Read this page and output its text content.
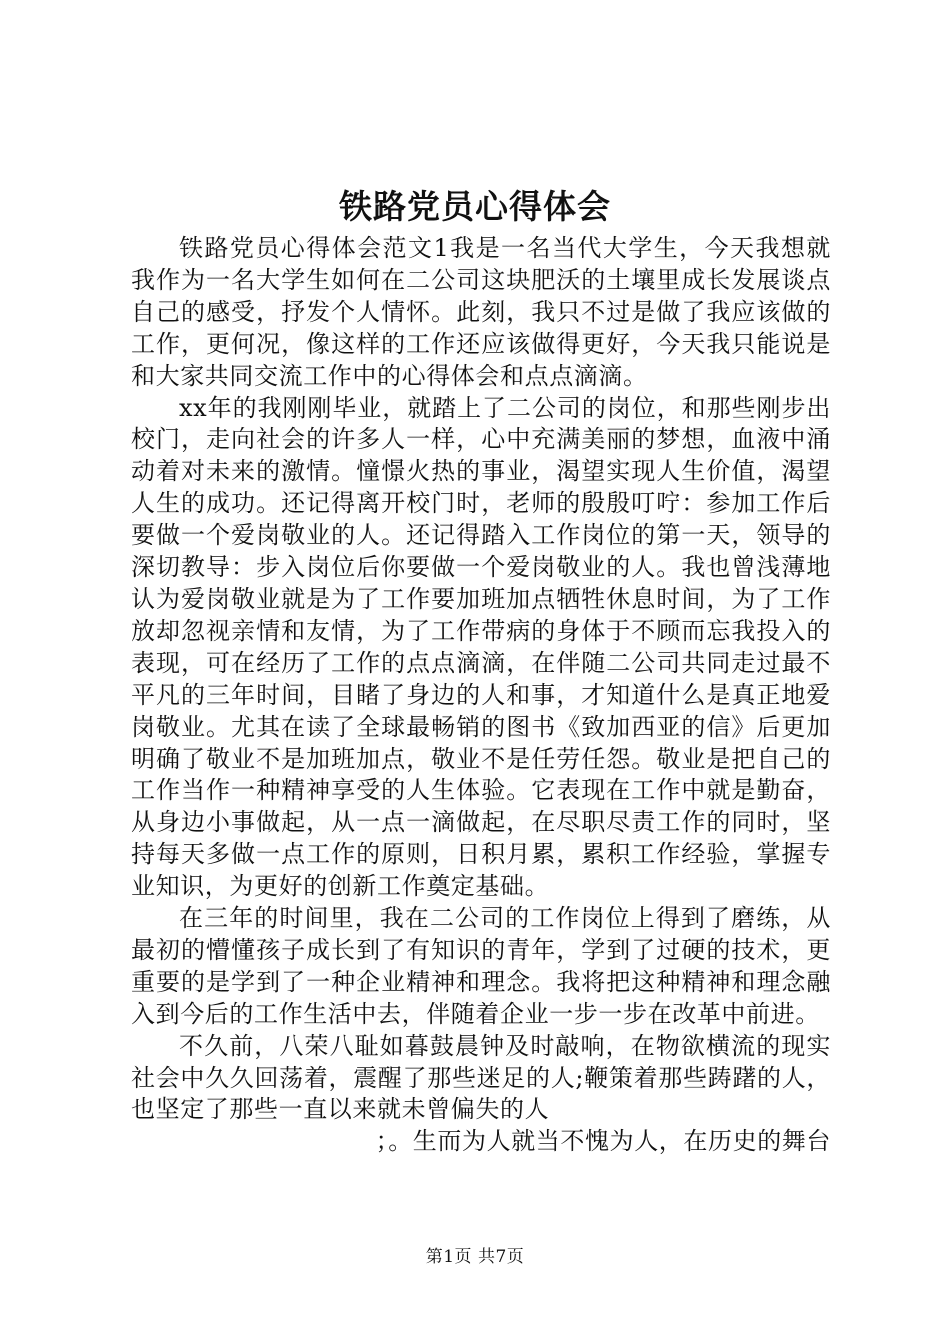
铁路党员心得体会

铁路党员心得体会范文1我是一名当代大学生，今天我想就我作为一名大学生如何在二公司这块肥沃的土壤里成长发展谈点自己的感受，抒发个人情怀。此刻，我只不过是做了我应该做的工作，更何况，像这样的工作还应该做得更好，今天我只能说是和大家共同交流工作中的心得体会和点点滴滴。

xx年的我刚刚毕业，就踏上了二公司的岗位，和那些刚步出校门，走向社会的许多人一样，心中充满美丽的梦想，血液中涌动着对未来的激情。憧憬火热的事业，渴望实现人生价值，渴望人生的成功。还记得离开校门时，老师的殷殷叮咛：参加工作后要做一个爱岗敬业的人。还记得踏入工作岗位的第一天，领导的深切教导：步入岗位后你要做一个爱岗敬业的人。我也曾浅薄地认为爱岗敬业就是为了工作要加班加点牺牲休息时间，为了工作放却忽视亲情和友情，为了工作带病的身体于不顾而忘我投入的表现，可在经历了工作的点点滴滴，在伴随二公司共同走过最不平凡的三年时间，目睹了身边的人和事，才知道什么是真正地爱岗敬业。尤其在读了全球最畅销的图书《致加西亚的信》后更加明确了敬业不是加班加点，敬业不是任劳任怨。敬业是把自己的工作当作一种精神享受的人生体验。它表现在工作中就是勤奋，从身边小事做起，从一点一滴做起，在尽职尽责工作的同时，坚持每天多做一点工作的原则，日积月累，累积工作经验，掌握专业知识，为更好的创新工作奠定基础。

在三年的时间里，我在二公司的工作岗位上得到了磨练，从最初的懵懂孩子成长到了有知识的青年，学到了过硬的技术，更重要的是学到了一种企业精神和理念。我将把这种精神和理念融入到今后的工作生活中去，伴随着企业一步一步在改革中前进。

不久前，八荣八耻如暮鼓晨钟及时敲响，在物欲横流的现实社会中久久回荡着，震醒了那些迷足的人;鞭策着那些踌躇的人，也坚定了那些一直以来就未曾偏失的人

；。生而为人就当不愧为人，在历史的舞台

第1页 共7页
